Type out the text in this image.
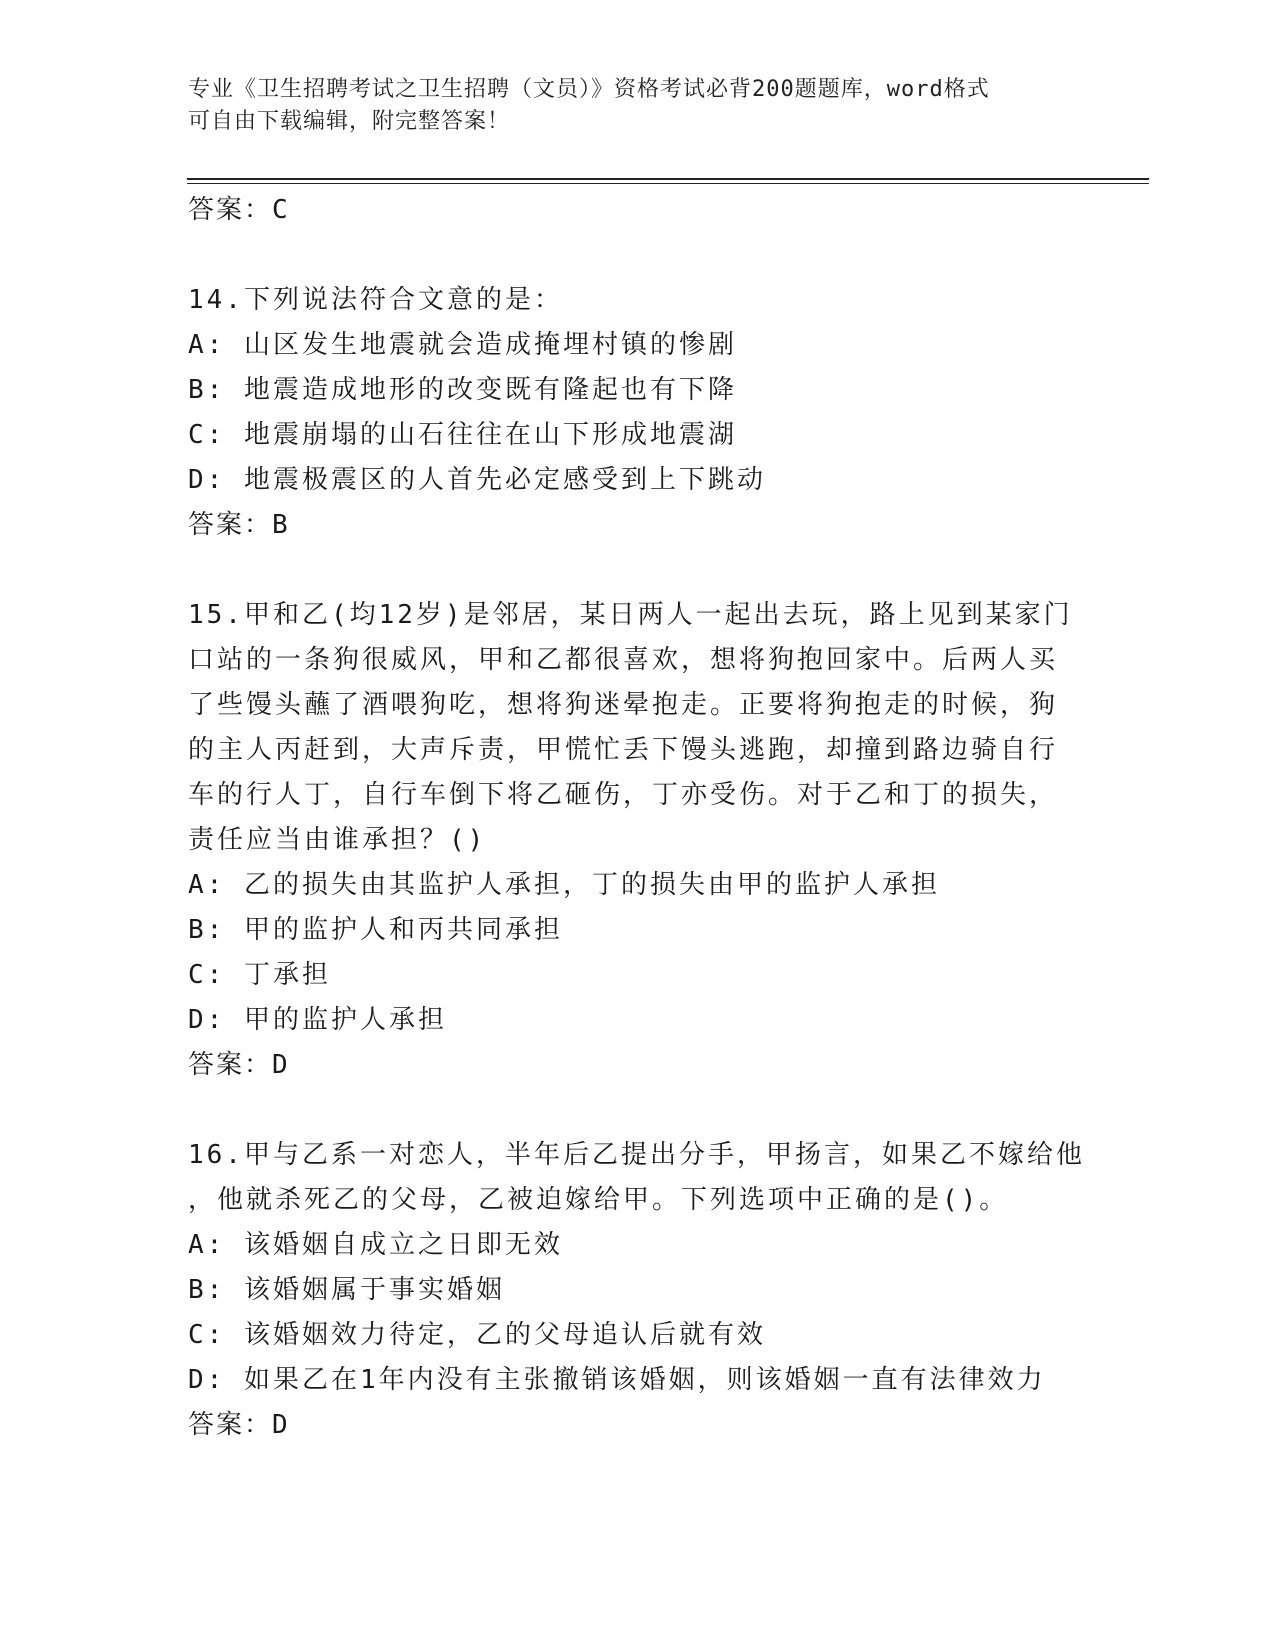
专业《卫生招聘考试之卫生招聘（文员）》资格考试必背200题题库，word格式
可自由下载编辑，附完整答案！
答案：C
14.下列说法符合文意的是：
A: 山区发生地震就会造成掩埋村镇的惨剧
B: 地震造成地形的改变既有隆起也有下降
C: 地震崩塌的山石往往在山下形成地震湖
D: 地震极震区的人首先必定感受到上下跳动
答案：B
15.甲和乙(均12岁)是邻居，某日两人一起出去玩，路上见到某家门
口站的一条狗很威风，甲和乙都很喜欢，想将狗抱回家中。后两人买
了些馒头蘸了酒喂狗吃，想将狗迷晕抱走。正要将狗抱走的时候，狗
的主人丙赶到，大声斥责，甲慌忙丢下馒头逃跑，却撞到路边骑自行
车的行人丁，自行车倒下将乙砸伤，丁亦受伤。对于乙和丁的损失，
责任应当由谁承担？()
A: 乙的损失由其监护人承担，丁的损失由甲的监护人承担
B: 甲的监护人和丙共同承担
C: 丁承担
D: 甲的监护人承担
答案：D
16.甲与乙系一对恋人，半年后乙提出分手，甲扬言，如果乙不嫁给他
，他就杀死乙的父母，乙被迫嫁给甲。下列选项中正确的是()。
A: 该婚姻自成立之日即无效
B: 该婚姻属于事实婚姻
C: 该婚姻效力待定，乙的父母追认后就有效
D: 如果乙在1年内没有主张撤销该婚姻，则该婚姻一直有法律效力
答案：D
